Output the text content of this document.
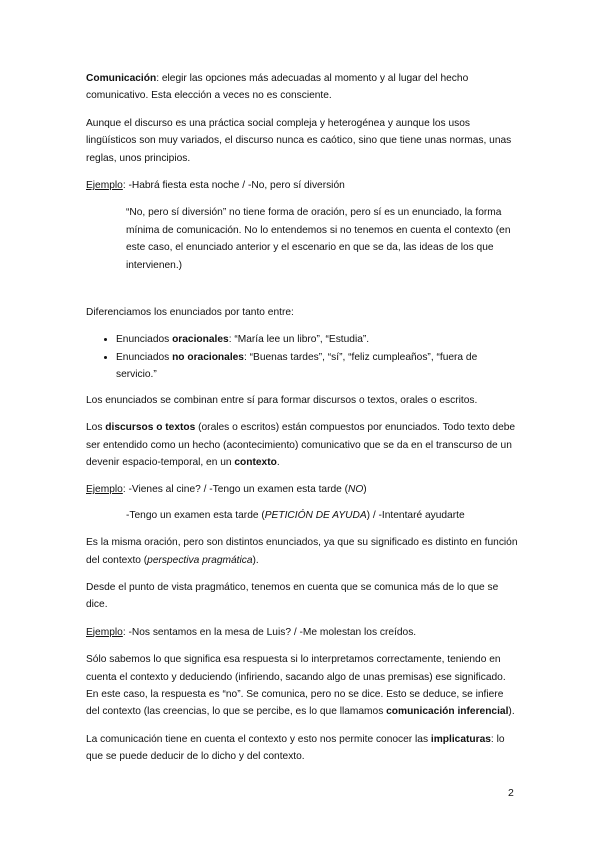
Comunicación: elegir las opciones más adecuadas al momento y al lugar del hecho comunicativo. Esta elección a veces no es consciente.

Aunque el discurso es una práctica social compleja y heterogénea y aunque los usos lingüísticos son muy variados, el discurso nunca es caótico, sino que tiene unas normas, unas reglas, unos principios.

Ejemplo: -Habrá fiesta esta noche / -No, pero sí diversión

“No, pero sí diversión” no tiene forma de oración, pero sí es un enunciado, la forma mínima de comunicación. No lo entendemos si no tenemos en cuenta el contexto (en este caso, el enunciado anterior y el escenario en que se da, las ideas de los que intervienen.)

Diferenciamos los enunciados por tanto entre:

• Enunciados oracionales: “María lee un libro”, “Estudia”.
• Enunciados no oracionales: “Buenas tardes”, “sí”, “feliz cumpleaños”, “fuera de servicio.”

Los enunciados se combinan entre sí para formar discursos o textos, orales o escritos.

Los discursos o textos (orales o escritos) están compuestos por enunciados. Todo texto debe ser entendido como un hecho (acontecimiento) comunicativo que se da en el transcurso de un devenir espacio-temporal, en un contexto.

Ejemplo: -Vienes al cine? / -Tengo un examen esta tarde (NO)

-Tengo un examen esta tarde (PETICIÓN DE AYUDA) / -Intentaré ayudarte

Es la misma oración, pero son distintos enunciados, ya que su significado es distinto en función del contexto (perspectiva pragmática).

Desde el punto de vista pragmático, tenemos en cuenta que se comunica más de lo que se dice.

Ejemplo: -Nos sentamos en la mesa de Luis? / -Me molestan los creídos.

Sólo sabemos lo que significa esa respuesta si lo interpretamos correctamente, teniendo en cuenta el contexto y deduciendo (infiriendo, sacando algo de unas premisas) ese significado. En este caso, la respuesta es “no”. Se comunica, pero no se dice. Esto se deduce, se infiere del contexto (las creencias, lo que se percibe, es lo que llamamos comunicación inferencial).

La comunicación tiene en cuenta el contexto y esto nos permite conocer las implicaturas: lo que se puede deducir de lo dicho y del contexto.

2
